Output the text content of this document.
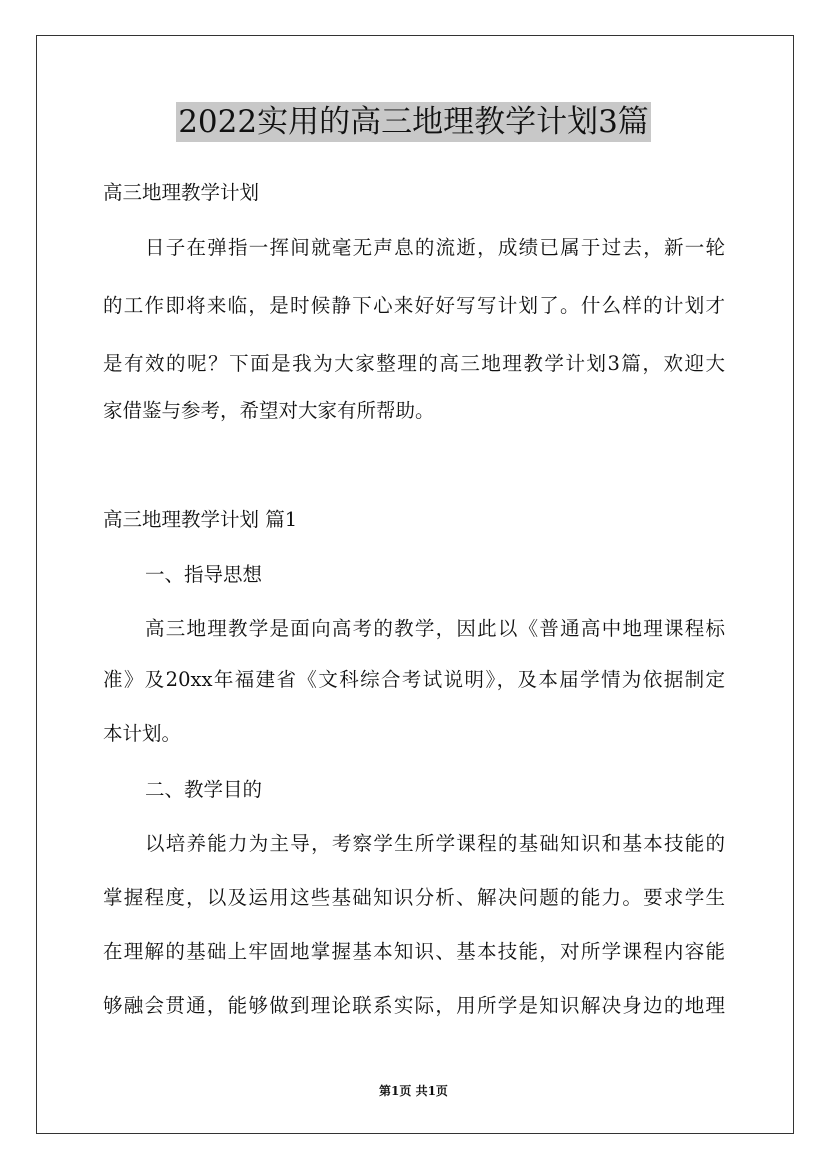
2022实用的高三地理教学计划3篇
高三地理教学计划
日子在弹指一挥间就毫无声息的流逝，成绩已属于过去，新一轮
的工作即将来临，是时候静下心来好好写写计划了。什么样的计划才
是有效的呢？下面是我为大家整理的高三地理教学计划3篇，欢迎大
家借鉴与参考，希望对大家有所帮助。
高三地理教学计划 篇1
一、指导思想
高三地理教学是面向高考的教学，因此以《普通高中地理课程标
准》及20xx年福建省《文科综合考试说明》，及本届学情为依据制定
本计划。
二、教学目的
以培养能力为主导，考察学生所学课程的基础知识和基本技能的
掌握程度，以及运用这些基础知识分析、解决问题的能力。要求学生
在理解的基础上牢固地掌握基本知识、基本技能，对所学课程内容能
够融会贯通，能够做到理论联系实际，用所学是知识解决身边的地理
第1页 共1页
